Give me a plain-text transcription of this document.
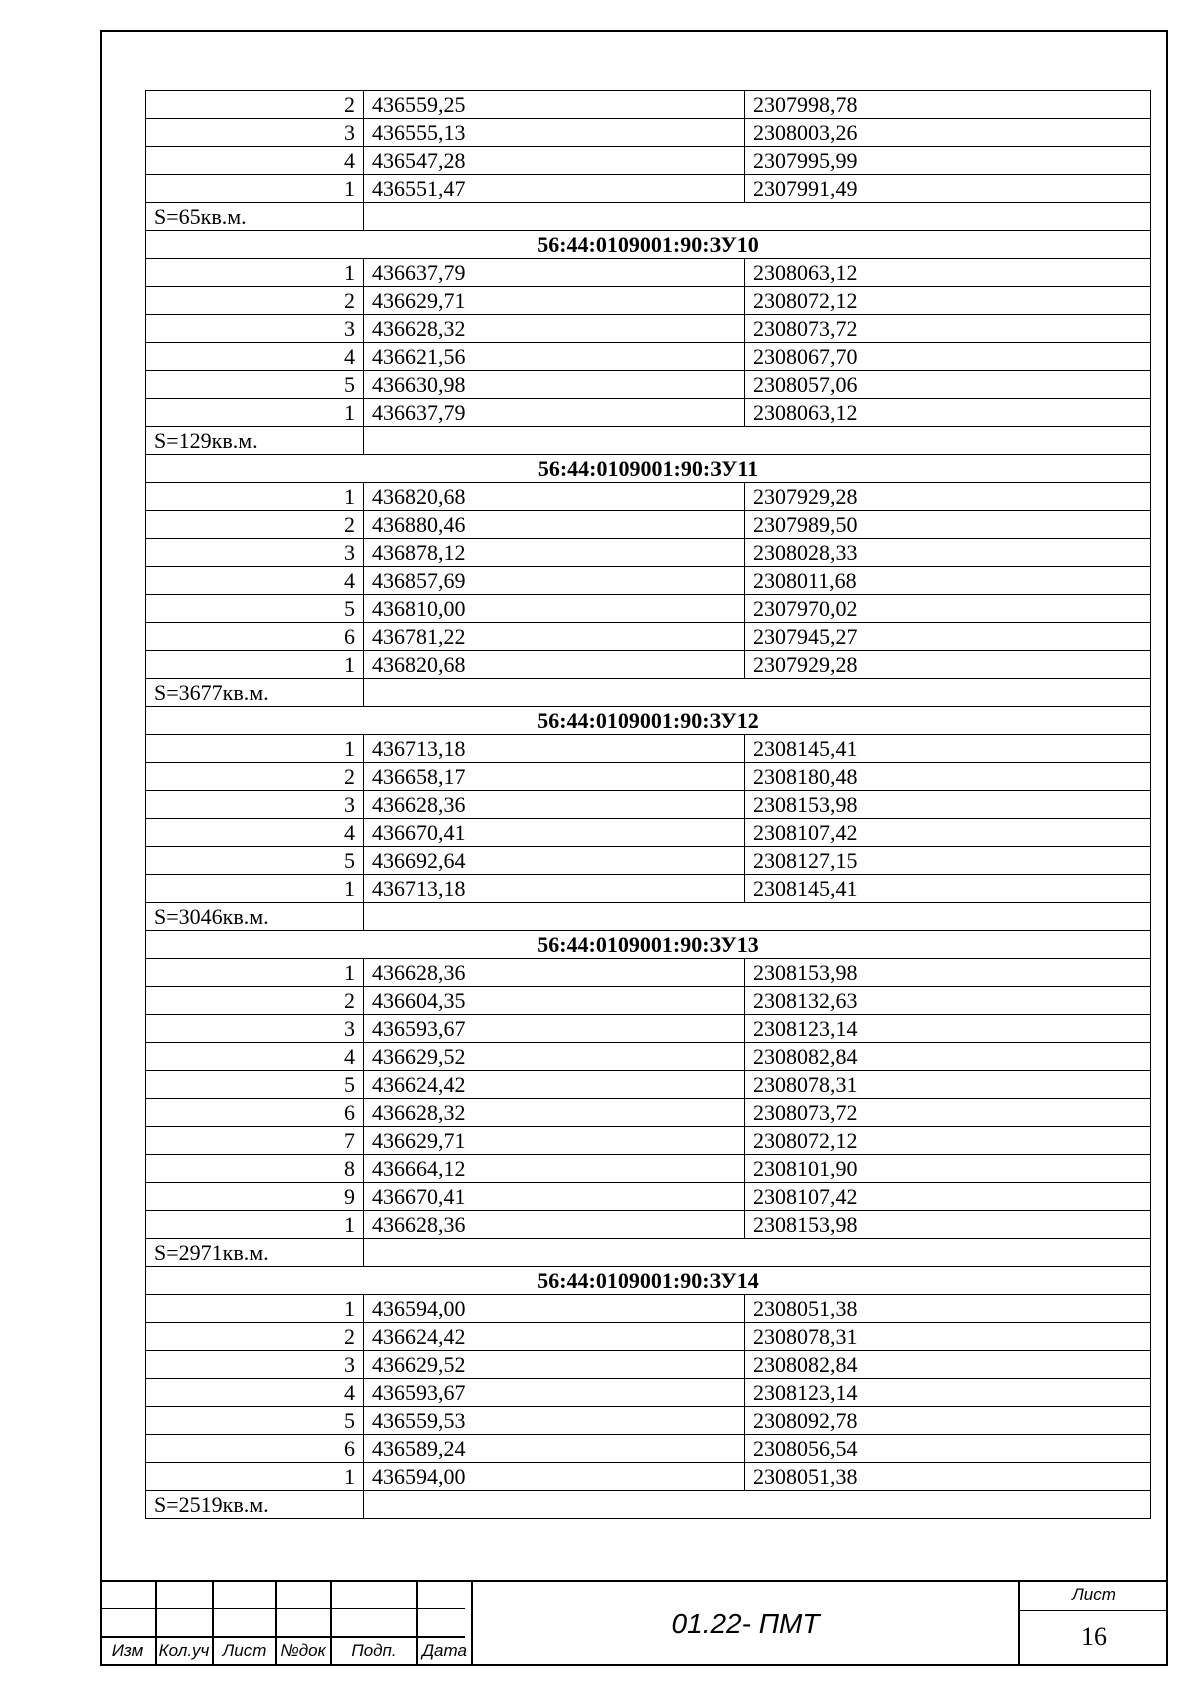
2	436559,25	2307998,78
3	436555,13	2308003,26
4	436547,28	2307995,99
1	436551,47	2307991,49
S=65кв.м.		
56:44:0109001:90:ЗУ10		
1	436637,79	2308063,12
2	436629,71	2308072,12
3	436628,32	2308073,72
4	436621,56	2308067,70
5	436630,98	2308057,06
1	436637,79	2308063,12
S=129кв.м.		
56:44:0109001:90:ЗУ11		
1	436820,68	2307929,28
2	436880,46	2307989,50
3	436878,12	2308028,33
4	436857,69	2308011,68
5	436810,00	2307970,02
6	436781,22	2307945,27
1	436820,68	2307929,28
S=3677кв.м.		
56:44:0109001:90:ЗУ12		
1	436713,18	2308145,41
2	436658,17	2308180,48
3	436628,36	2308153,98
4	436670,41	2308107,42
5	436692,64	2308127,15
1	436713,18	2308145,41
S=3046кв.м.		
56:44:0109001:90:ЗУ13		
1	436628,36	2308153,98
2	436604,35	2308132,63
3	436593,67	2308123,14
4	436629,52	2308082,84
5	436624,42	2308078,31
6	436628,32	2308073,72
7	436629,71	2308072,12
8	436664,12	2308101,90
9	436670,41	2308107,42
1	436628,36	2308153,98
S=2971кв.м.		
56:44:0109001:90:ЗУ14		
1	436594,00	2308051,38
2	436624,42	2308078,31
3	436629,52	2308082,84
4	436593,67	2308123,14
5	436559,53	2308092,78
6	436589,24	2308056,54
1	436594,00	2308051,38
S=2519кв.м.		
Изм Кол.уч Лист №док	Подп.	Дата
01.22- ПМТ
Лист
16
